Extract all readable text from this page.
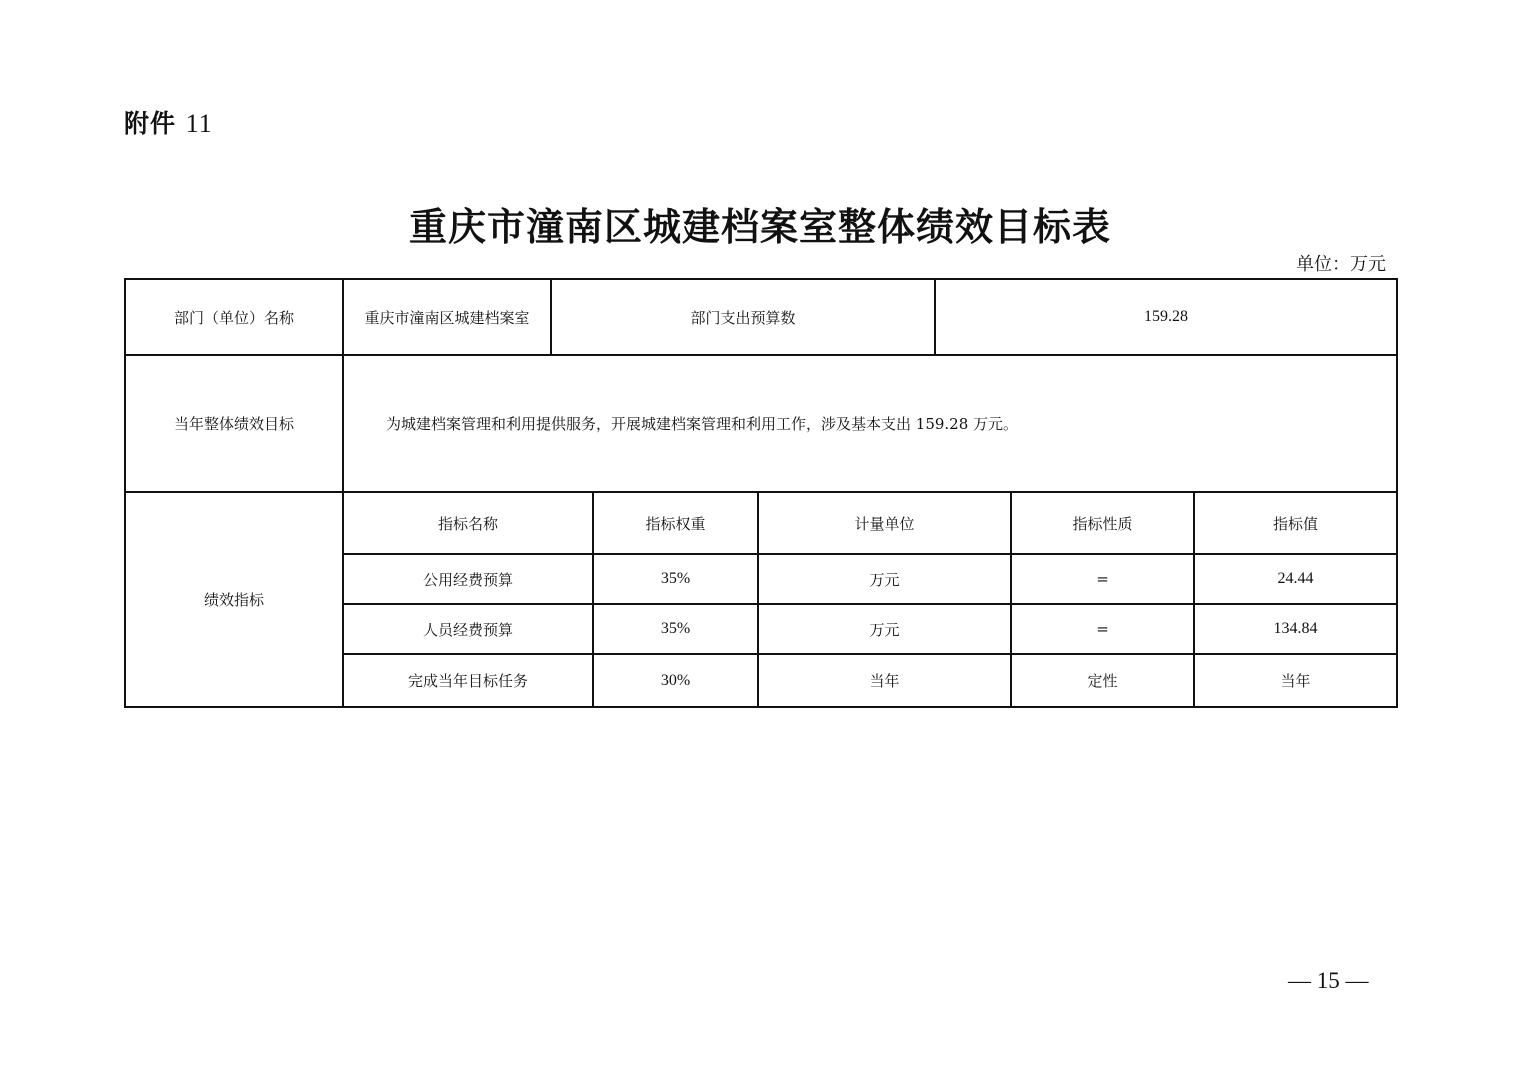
附件 11
重庆市潼南区城建档案室整体绩效目标表
单位：万元
部门（单位）名称	重庆市潼南区城建档案室	部门支出预算数			159.28		
当年整体绩效目标	为城建档案管理和利用提供服务，开展城建档案管理和利用工作，涉及基本支出 159.28 万元。						
绩效指标	指标名称		指标权重	计量单位		指标性质	指标值
	公用经费预算		35%	万元		=	24.44
	人员经费预算		35%	万元		=	134.84
	完成当年目标任务		30%	当年		定性	当年
— 15 —
